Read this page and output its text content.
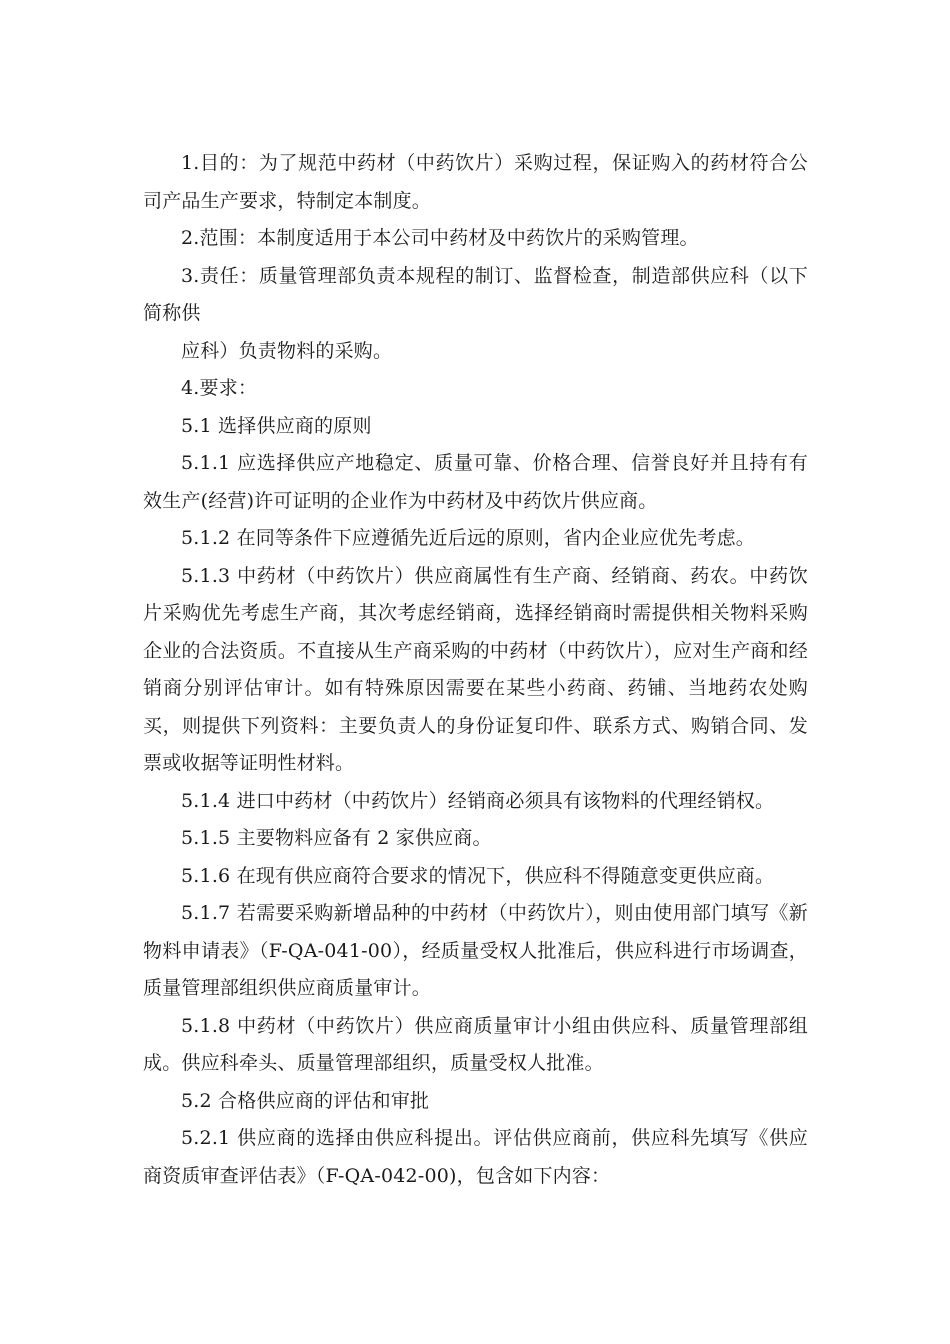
1.目的：为了规范中药材（中药饮片）采购过程，保证购入的药材符合公司产品生产要求，特制定本制度。

2.范围：本制度适用于本公司中药材及中药饮片的采购管理。

3.责任：质量管理部负责本规程的制订、监督检查，制造部供应科（以下简称供

应科）负责物料的采购。

4.要求：

5.1 选择供应商的原则

5.1.1 应选择供应产地稳定、质量可靠、价格合理、信誉良好并且持有有效生产(经营)许可证明的企业作为中药材及中药饮片供应商。

5.1.2 在同等条件下应遵循先近后远的原则，省内企业应优先考虑。

5.1.3 中药材（中药饮片）供应商属性有生产商、经销商、药农。中药饮片采购优先考虑生产商，其次考虑经销商，选择经销商时需提供相关物料采购企业的合法资质。不直接从生产商采购的中药材（中药饮片），应对生产商和经销商分别评估审计。如有特殊原因需要在某些小药商、药铺、当地药农处购买，则提供下列资料：主要负责人的身份证复印件、联系方式、购销合同、发票或收据等证明性材料。

5.1.4 进口中药材（中药饮片）经销商必须具有该物料的代理经销权。

5.1.5 主要物料应备有 2 家供应商。

5.1.6 在现有供应商符合要求的情况下，供应科不得随意变更供应商。

5.1.7 若需要采购新增品种的中药材（中药饮片），则由使用部门填写《新物料申请表》（F-QA-041-00），经质量受权人批准后，供应科进行市场调查，质量管理部组织供应商质量审计。

5.1.8 中药材（中药饮片）供应商质量审计小组由供应科、质量管理部组成。供应科牵头、质量管理部组织，质量受权人批准。

5.2 合格供应商的评估和审批

5.2.1 供应商的选择由供应科提出。评估供应商前，供应科先填写《供应商资质审查评估表》（F-QA-042-00)，包含如下内容：
